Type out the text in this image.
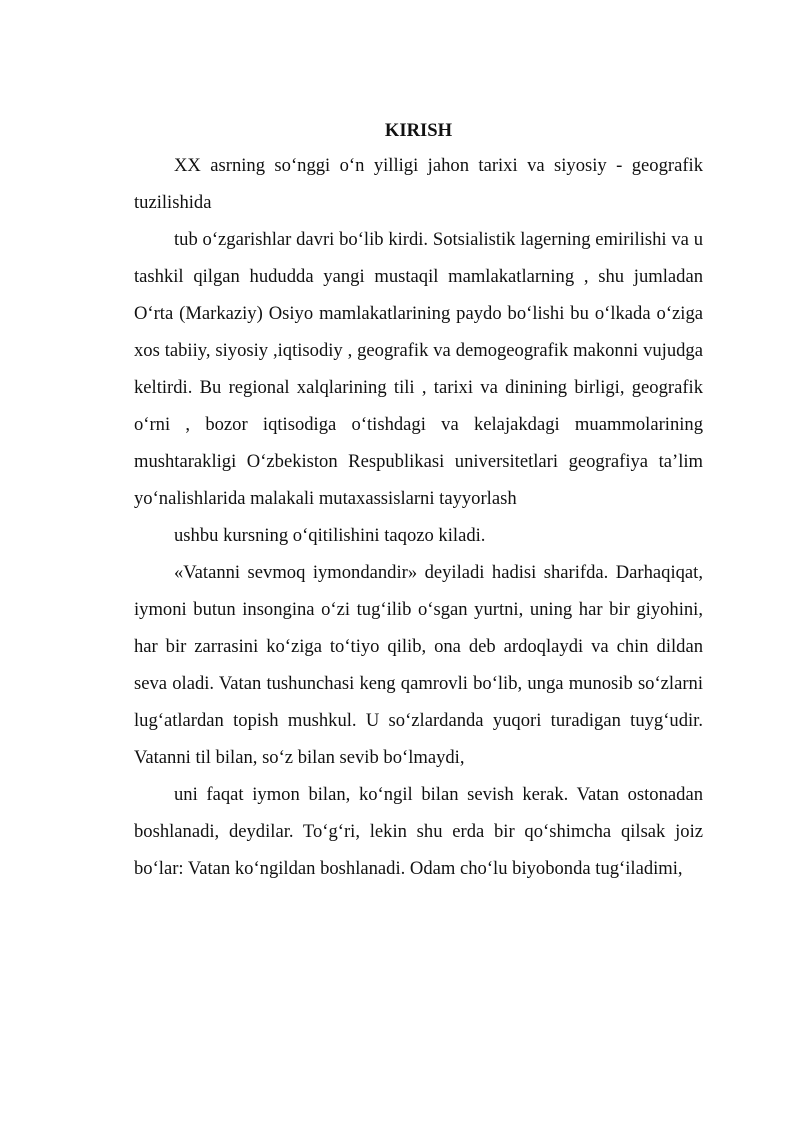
KIRISH

XX asrning so‘nggi o‘n yilligi jahon tarixi va siyosiy - geografik tuzilishida

tub o‘zgarishlar davri bo‘lib kirdi. Sotsialistik lagerning emirilishi va u tashkil qilgan hududda yangi mustaqil mamlakatlarning , shu jumladan O‘rta (Markaziy) Osiyo mamlakatlarining paydo bo‘lishi bu o‘lkada o‘ziga xos tabiiy, siyosiy ,iqtisodiy , geografik va demogeografik makonni vujudga keltirdi. Bu regional xalqlarining tili , tarixi va dinining birligi, geografik o‘rni , bozor iqtisodiga o‘tishdagi va kelajakdagi muammolarining mushtarakligi O‘zbekiston Respublikasi universitetlari geografiya ta’lim yo‘nalishlarida malakali mutaxassislarni tayyorlash

ushbu kursning o‘qitilishini taqozo kiladi.

«Vatanni sevmoq iymondandir» deyiladi hadisi sharifda. Darhaqiqat, iymoni butun insongina o‘zi tug‘ilib o‘sgan yurtni, uning har bir giyohini, har bir zarrasini ko‘ziga to‘tiyo qilib, ona deb ardoqlaydi va chin dildan seva oladi. Vatan tushunchasi keng qamrovli bo‘lib, unga munosib so‘zlarni lug‘atlardan topish mushkul. U so‘zlardanda yuqori turadigan tuyg‘udir. Vatanni til bilan, so‘z bilan sevib bo‘lmaydi,

uni faqat iymon bilan, ko‘ngil bilan sevish kerak. Vatan ostonadan boshlanadi, deydilar. To‘g‘ri, lekin shu erda bir qo‘shimcha qilsak joiz bo‘lar: Vatan ko‘ngildan boshlanadi. Odam cho‘lu biyobonda tug‘iladimi,
